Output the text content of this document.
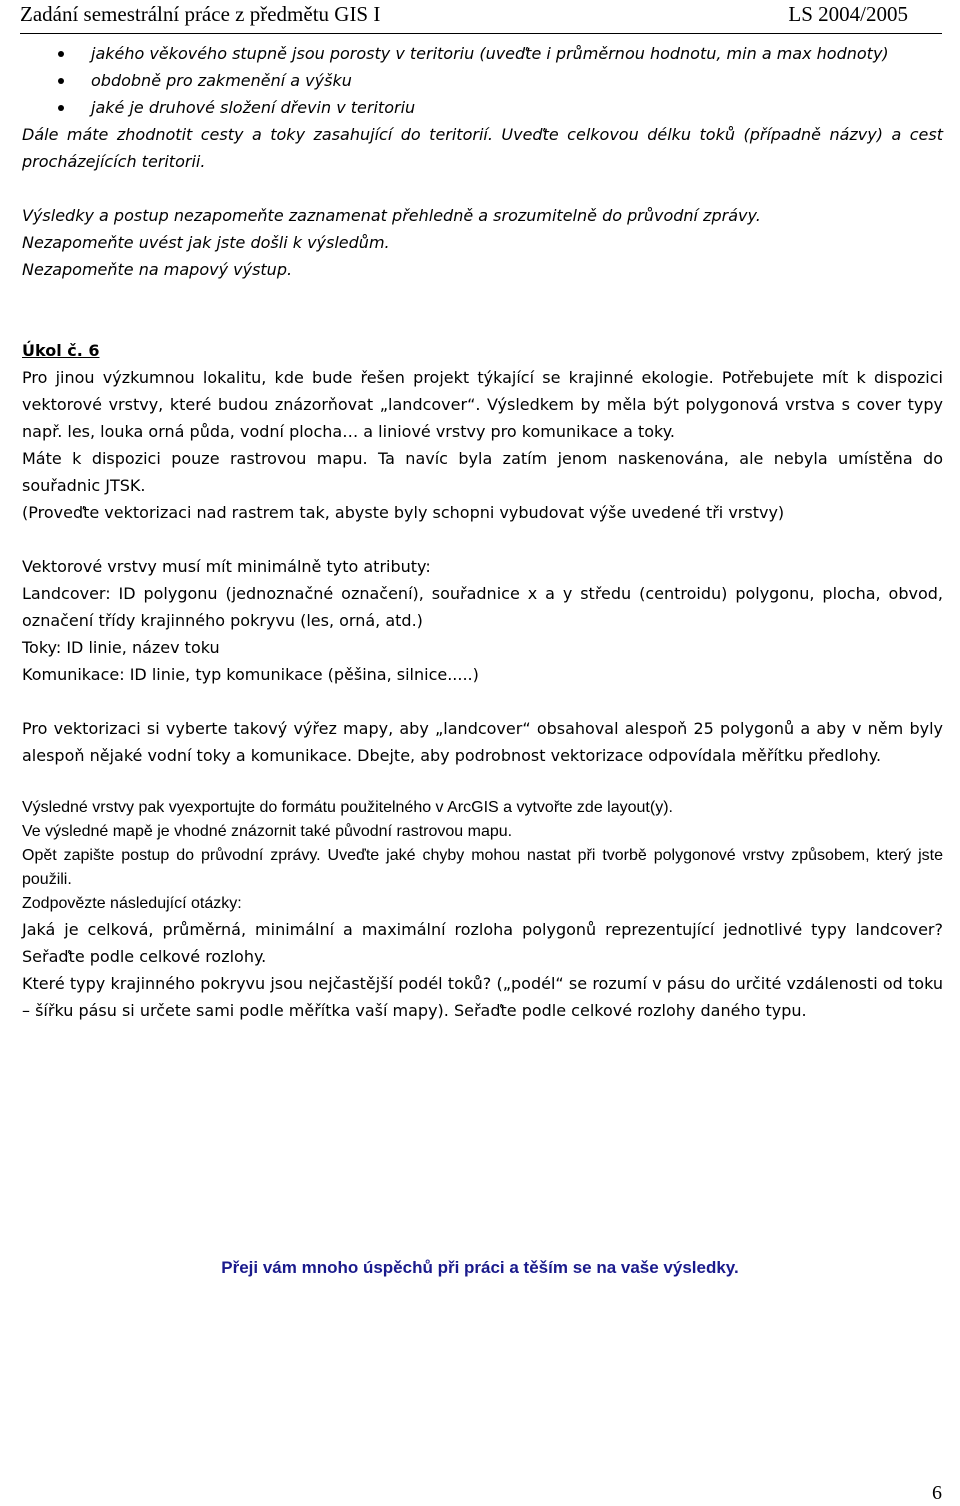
Zadání semestrální práce z předmětu GIS I	LS 2004/2005
jakého věkového stupně jsou porosty v teritoriu (uveďte i průměrnou hodnotu, min a max hodnoty)
obdobně pro zakmenění a výšku
jaké je druhové složení dřevin v teritoriu

Dále máte zhodnotit cesty a toky zasahující do teritorií. Uveďte celkovou délku toků (případně názvy) a cest procházejících teritorii.

Výsledky a postup nezapomeňte zaznamenat přehledně a srozumitelně do průvodní zprávy.

Nezapomeňte uvést jak jste došli k výsledům.

Nezapomeňte na mapový výstup.

Úkol č. 6

Pro jinou výzkumnou lokalitu, kde bude řešen projekt týkající se krajinné ekologie. Potřebujete mít k dispozici vektorové vrstvy, které budou znázorňovat „landcover“. Výsledkem by měla být polygonová vrstva s cover typy např. les, louka orná půda, vodní plocha… a liniové vrstvy pro komunikace a toky.

Máte k dispozici pouze rastrovou mapu. Ta navíc byla zatím jenom naskenována, ale nebyla umístěna do souřadnic JTSK.

(Proveďte vektorizaci nad rastrem tak, abyste byly schopni vybudovat výše uvedené tři vrstvy)

Vektorové vrstvy musí mít minimálně tyto atributy:

Landcover: ID polygonu (jednoznačné označení), souřadnice x a y středu (centroidu) polygonu, plocha, obvod, označení třídy krajinného pokryvu (les, orná, atd.)

Toky: ID linie, název toku

Komunikace: ID linie, typ komunikace (pěšina, silnice.....)

Pro vektorizaci si vyberte takový výřez mapy, aby „landcover“ obsahoval alespoň 25 polygonů a aby v něm byly alespoň nějaké vodní toky a komunikace. Dbejte, aby podrobnost vektorizace odpovídala měřítku předlohy.

Výsledné vrstvy pak vyexportujte do formátu použitelného v ArcGIS a vytvořte zde layout(y).

Ve výsledné mapě je vhodné znázornit také původní rastrovou mapu.

Opět zapište postup do průvodní zprávy. Uveďte jaké chyby mohou nastat při tvorbě polygonové vrstvy způsobem, který jste použili.

Zodpovězte následující otázky:

Jaká je celková, průměrná, minimální a maximální rozloha polygonů reprezentující jednotlivé typy landcover? Seřaďte podle celkové rozlohy.

Které typy krajinného pokryvu jsou nejčastější podél toků? („podél“ se rozumí v pásu do určité vzdálenosti od toku – šířku pásu si určete sami podle měřítka vaší mapy). Seřaďte podle celkové rozlohy daného typu.

Přeji vám mnoho úspěchů při práci a těším se na vaše výsledky.
6
